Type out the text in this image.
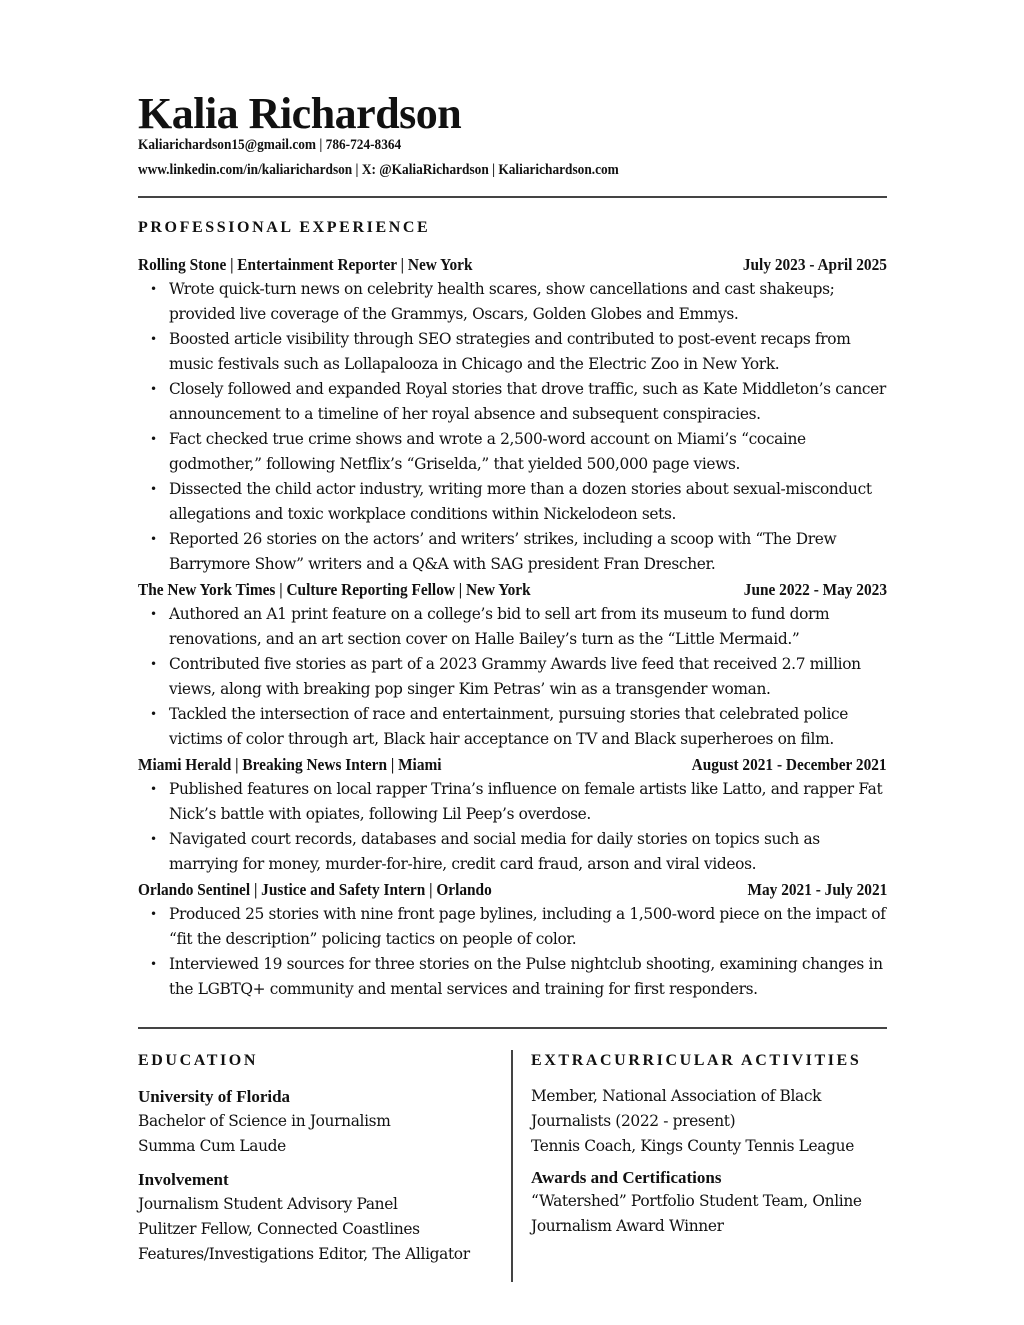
Kalia Richardson
Kaliarichardson15@gmail.com | 786-724-8364
www.linkedin.com/in/kaliarichardson | X: @KaliaRichardson | Kaliarichardson.com
PROFESSIONAL EXPERIENCE
Rolling Stone | Entertainment Reporter | New York	July 2023 - April 2025
• Wrote quick-turn news on celebrity health scares, show cancellations and cast shakeups; provided live coverage of the Grammys, Oscars, Golden Globes and Emmys.
• Boosted article visibility through SEO strategies and contributed to post-event recaps from music festivals such as Lollapalooza in Chicago and the Electric Zoo in New York.
• Closely followed and expanded Royal stories that drove traffic, such as Kate Middleton’s cancer announcement to a timeline of her royal absence and subsequent conspiracies.
• Fact checked true crime shows and wrote a 2,500-word account on Miami’s “cocaine godmother,” following Netflix’s “Griselda,” that yielded 500,000 page views.
• Dissected the child actor industry, writing more than a dozen stories about sexual-misconduct allegations and toxic workplace conditions within Nickelodeon sets.
• Reported 26 stories on the actors’ and writers’ strikes, including a scoop with “The Drew Barrymore Show” writers and a Q&A with SAG president Fran Drescher.
The New York Times | Culture Reporting Fellow | New York	June 2022 - May 2023
• Authored an A1 print feature on a college’s bid to sell art from its museum to fund dorm renovations, and an art section cover on Halle Bailey’s turn as the “Little Mermaid.”
• Contributed five stories as part of a 2023 Grammy Awards live feed that received 2.7 million views, along with breaking pop singer Kim Petras’ win as a transgender woman.
• Tackled the intersection of race and entertainment, pursuing stories that celebrated police victims of color through art, Black hair acceptance on TV and Black superheroes on film.
Miami Herald | Breaking News Intern | Miami	August 2021 - December 2021
• Published features on local rapper Trina’s influence on female artists like Latto, and rapper Fat Nick’s battle with opiates, following Lil Peep’s overdose.
• Navigated court records, databases and social media for daily stories on topics such as marrying for money, murder-for-hire, credit card fraud, arson and viral videos.
Orlando Sentinel | Justice and Safety Intern | Orlando	May 2021 - July 2021
• Produced 25 stories with nine front page bylines, including a 1,500-word piece on the impact of “fit the description” policing tactics on people of color.
• Interviewed 19 sources for three stories on the Pulse nightclub shooting, examining changes in the LGBTQ+ community and mental services and training for first responders.
EDUCATION
University of Florida
Bachelor of Science in Journalism
Summa Cum Laude
Involvement
Journalism Student Advisory Panel
Pulitzer Fellow, Connected Coastlines
Features/Investigations Editor, The Alligator
EXTRACURRICULAR ACTIVITIES
Member, National Association of Black
Journalists (2022 - present)
Tennis Coach, Kings County Tennis League
Awards and Certifications
“Watershed” Portfolio Student Team, Online
Journalism Award Winner
